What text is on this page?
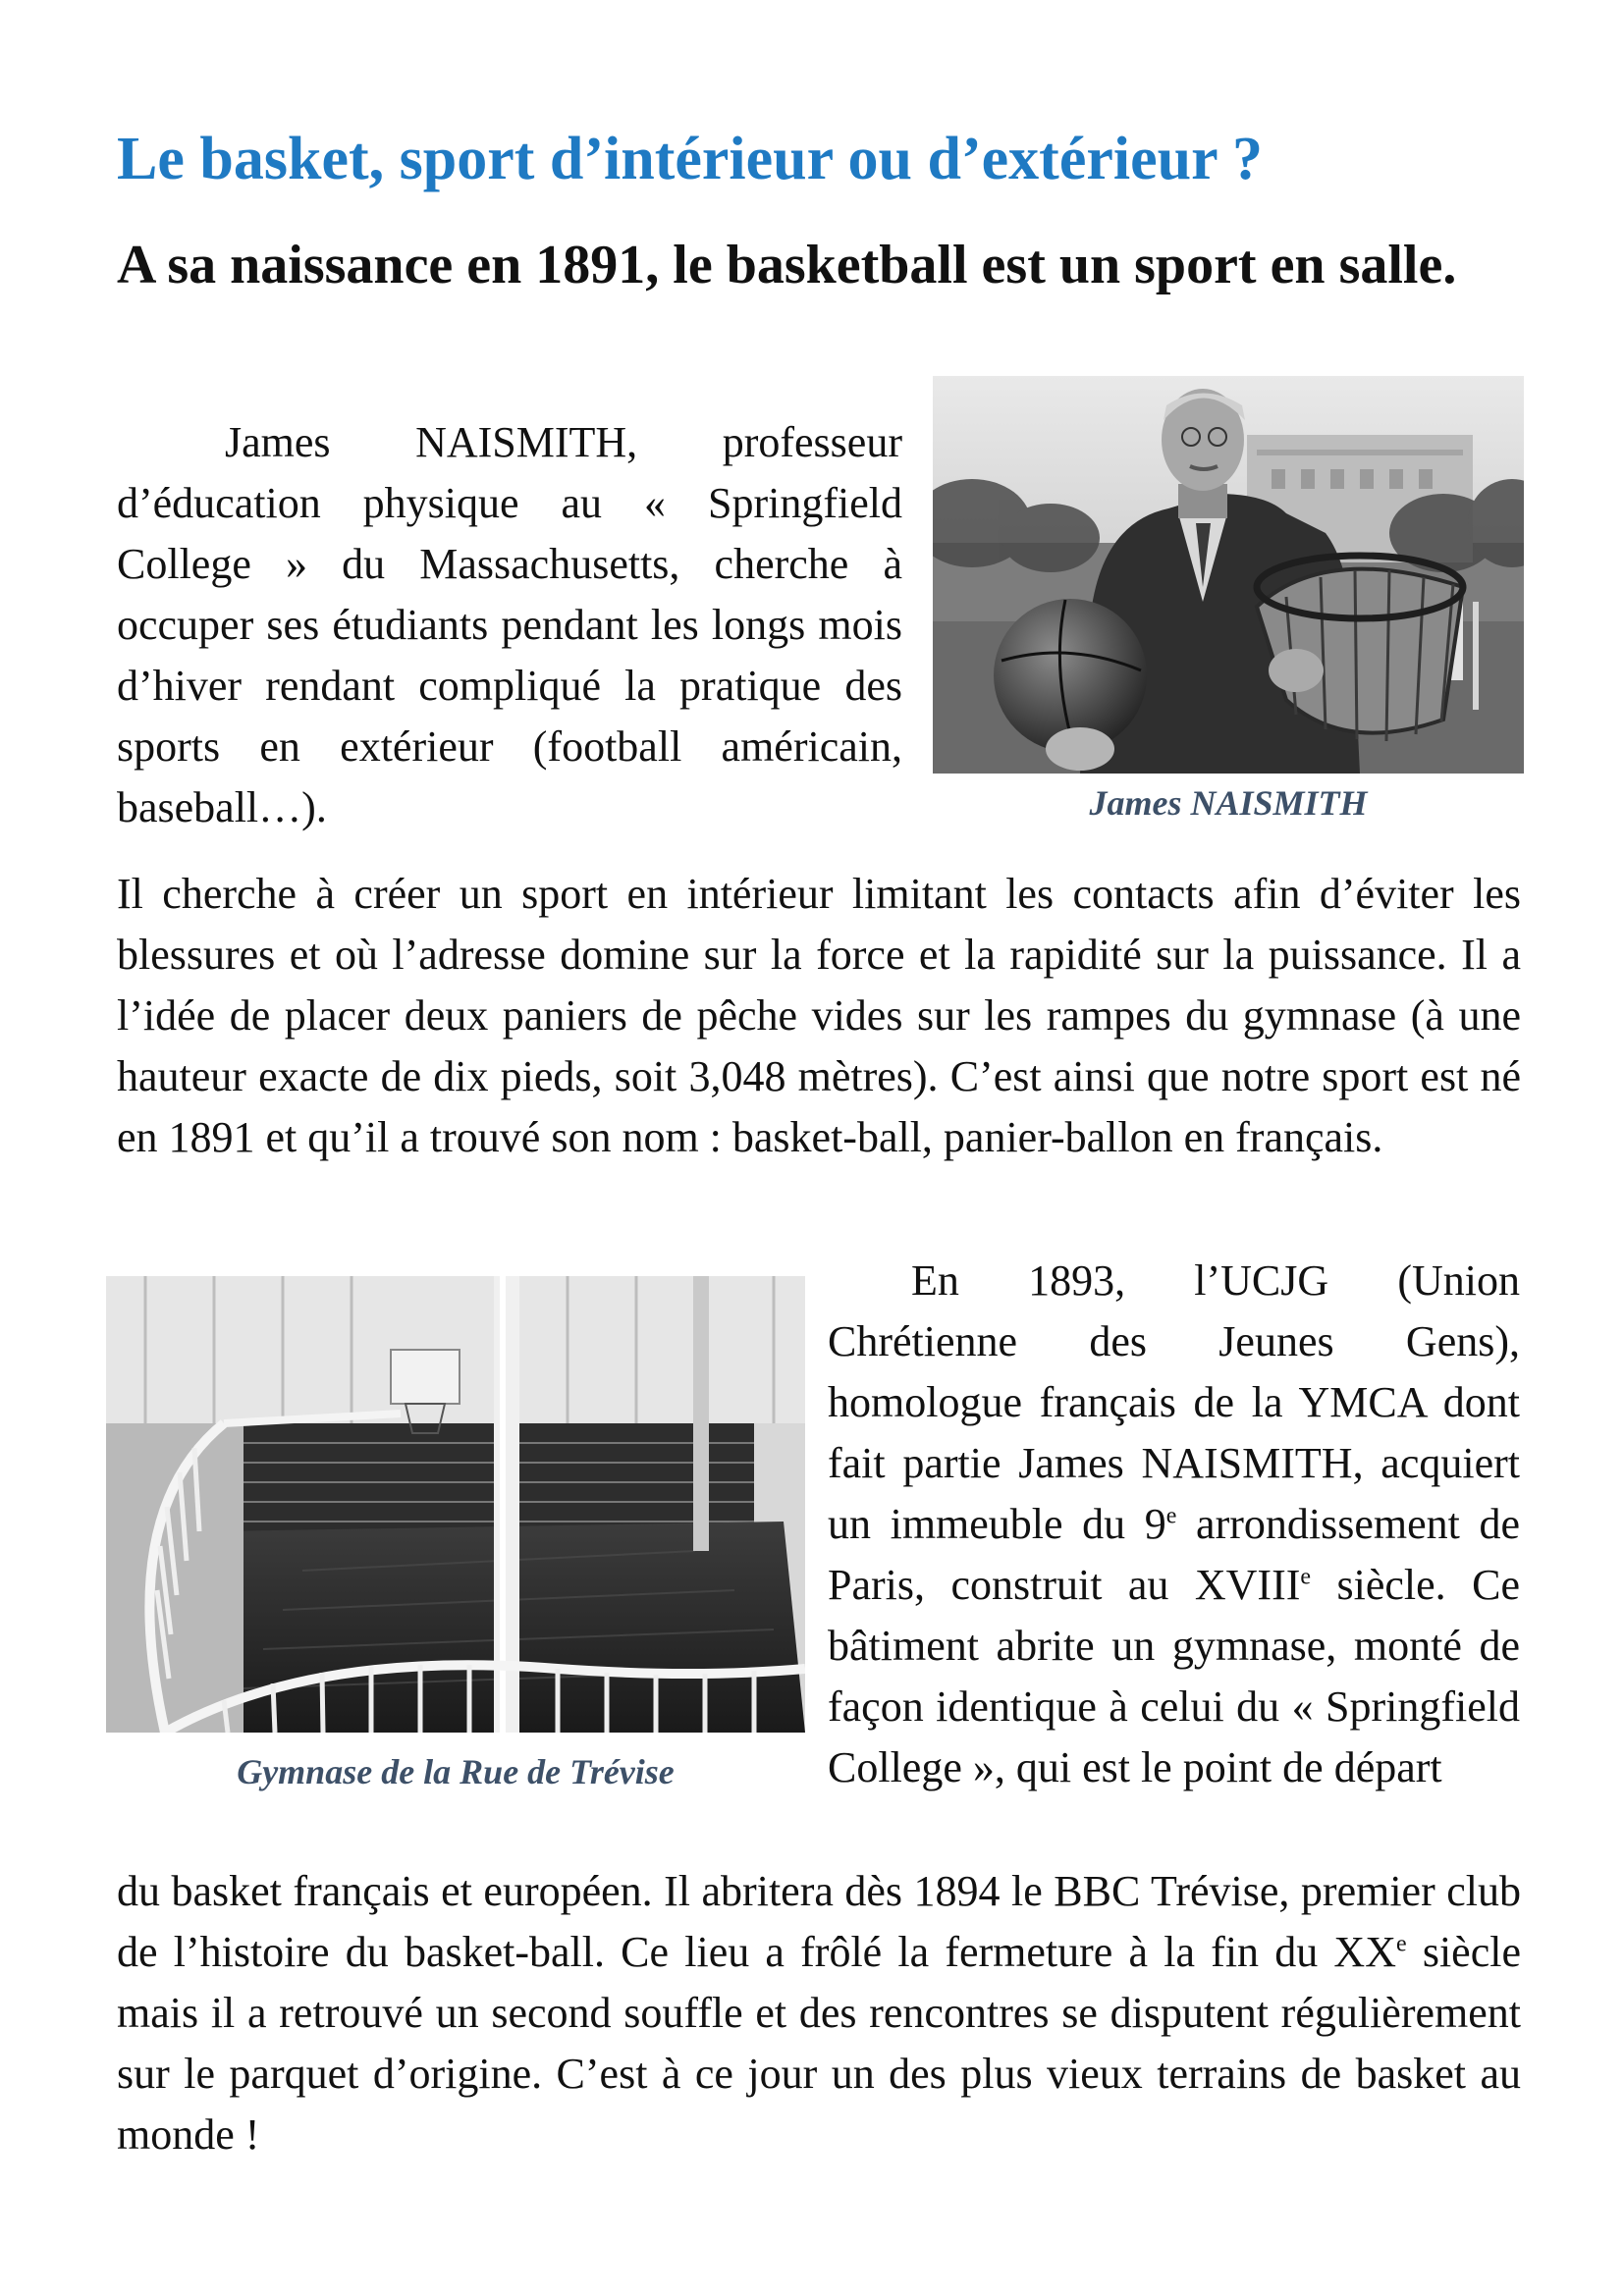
Le basket, sport d’intérieur ou d’extérieur ?
A sa naissance en 1891, le basketball est un sport en salle.

James NAISMITH, professeur d’éducation physique au « Springfield College » du Massachusetts, cherche à occuper ses étudiants pendant les longs mois d’hiver rendant compliqué la pratique des sports en extérieur (football américain, baseball…).	James NAISMITH

Il cherche à créer un sport en intérieur limitant les contacts afin d’éviter les blessures et où l’adresse domine sur la force et la rapidité sur la puissance. Il a l’idée de placer deux paniers de pêche vides sur les rampes du gymnase (à une hauteur exacte de dix pieds, soit 3,048 mètres). C’est ainsi que notre sport est né en 1891 et qu’il a trouvé son nom : basket-ball, panier-ballon en français.

Gymnase de la Rue de Trévise

En 1893, l’UCJG (Union Chrétienne des Jeunes Gens), homologue français de la YMCA dont fait partie James NAISMITH, acquiert un immeuble du 9e arrondissement de Paris, construit au XVIIIe siècle. Ce bâtiment abrite un gymnase, monté de façon identique à celui du « Springfield College », qui est le point de départ

du basket français et européen. Il abritera dès 1894 le BBC Trévise, premier club de l’histoire du basket-ball. Ce lieu a frôlé la fermeture à la fin du XXe siècle mais il a retrouvé un second souffle et des rencontres se disputent régulièrement sur le parquet d’origine. C’est à ce jour un des plus vieux terrains de basket au monde !
